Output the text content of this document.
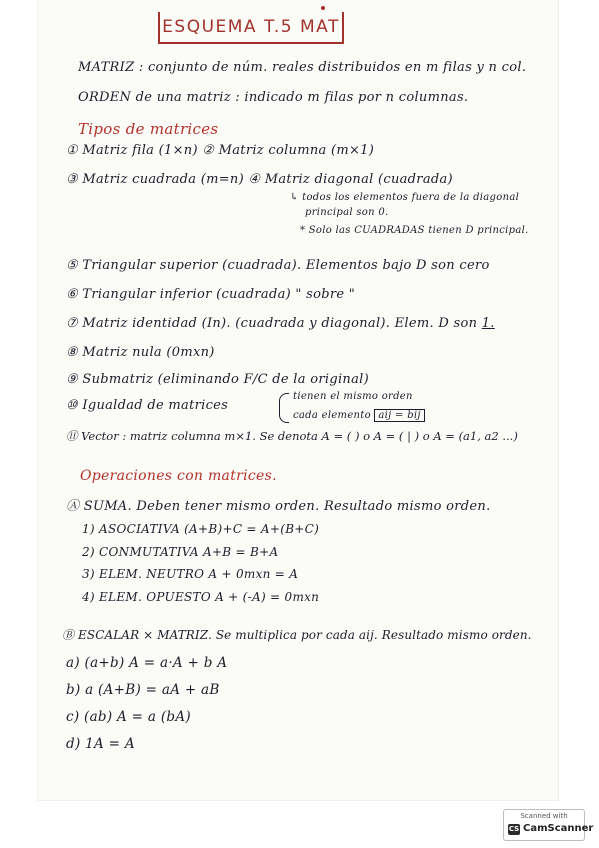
ESQUEMA T.5 MAT
MATRIZ : conjunto de núm. reales distribuidos en m filas y n col.
ORDEN de una matriz : indicado m filas por n columnas.
Tipos de matrices
① Matriz fila (1×n) ② Matriz columna (m×1)
③ Matriz cuadrada (m=n) ④ Matriz diagonal (cuadrada)
↳ todos los elementos fuera de la diagonal
principal son 0.
* Solo las CUADRADAS tienen D principal.
⑤ Triangular superior (cuadrada). Elementos bajo D son cero
⑥ Triangular inferior (cuadrada) " sobre "
⑦ Matriz identidad (In). (cuadrada y diagonal). Elem. D son 1.
⑧ Matriz nula (0mxn)
⑨ Submatriz (eliminando F/C de la original)
⑩ Igualdad de matrices
tienen el mismo orden
cada elemento aij = bij
⑪ Vector : matriz columna m×1. Se denota A = ( ) o A = ( | ) o A = (a1, a2 ...)
Operaciones con matrices.
Ⓐ SUMA. Deben tener mismo orden. Resultado mismo orden.
1) ASOCIATIVA (A+B)+C = A+(B+C)
2) CONMUTATIVA A+B = B+A
3) ELEM. NEUTRO A + 0mxn = A
4) ELEM. OPUESTO A + (-A) = 0mxn
Ⓑ ESCALAR × MATRIZ. Se multiplica por cada aij. Resultado mismo orden.
a) (a+b) A = a·A + b A
b) a (A+B) = aA + aB
c) (ab) A = a (bA)
d) 1A = A
Scanned with
CS CamScanner
